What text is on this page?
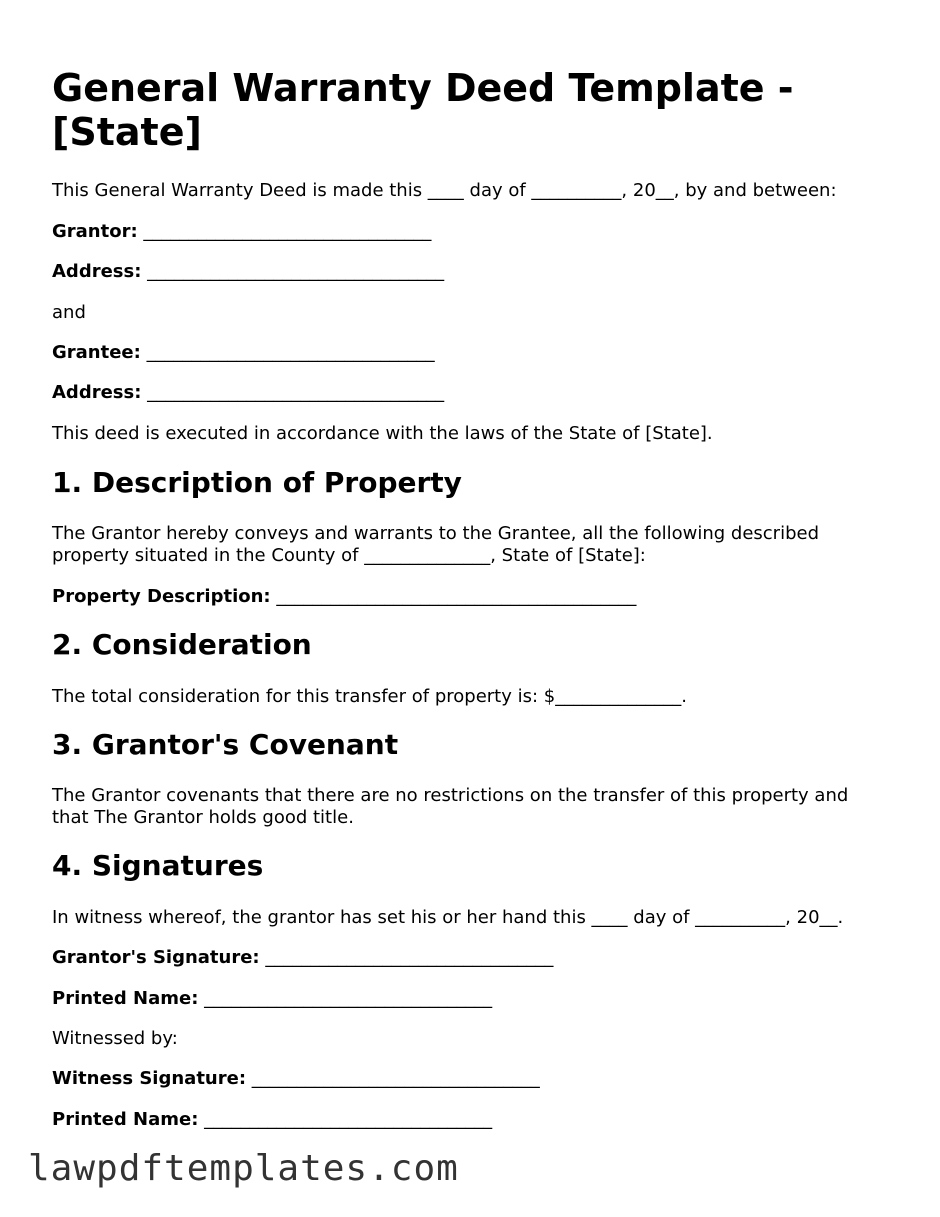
General Warranty Deed Template - [State]

This General Warranty Deed is made this ____ day of __________, 20__, by and between:

Grantor: ________________________________

Address: _________________________________

and

Grantee: ________________________________

Address: _________________________________

This deed is executed in accordance with the laws of the State of [State].

1. Description of Property

The Grantor hereby conveys and warrants to the Grantee, all the following described property situated in the County of ______________, State of [State]:

Property Description: ________________________________________

2. Consideration

The total consideration for this transfer of property is: $______________.

3. Grantor's Covenant

The Grantor covenants that there are no restrictions on the transfer of this property and that The Grantor holds good title.

4. Signatures

In witness whereof, the grantor has set his or her hand this ____ day of __________, 20__.

Grantor's Signature: ________________________________

Printed Name: ________________________________

Witnessed by:

Witness Signature: ________________________________

Printed Name: ________________________________

lawpdftemplates.com
